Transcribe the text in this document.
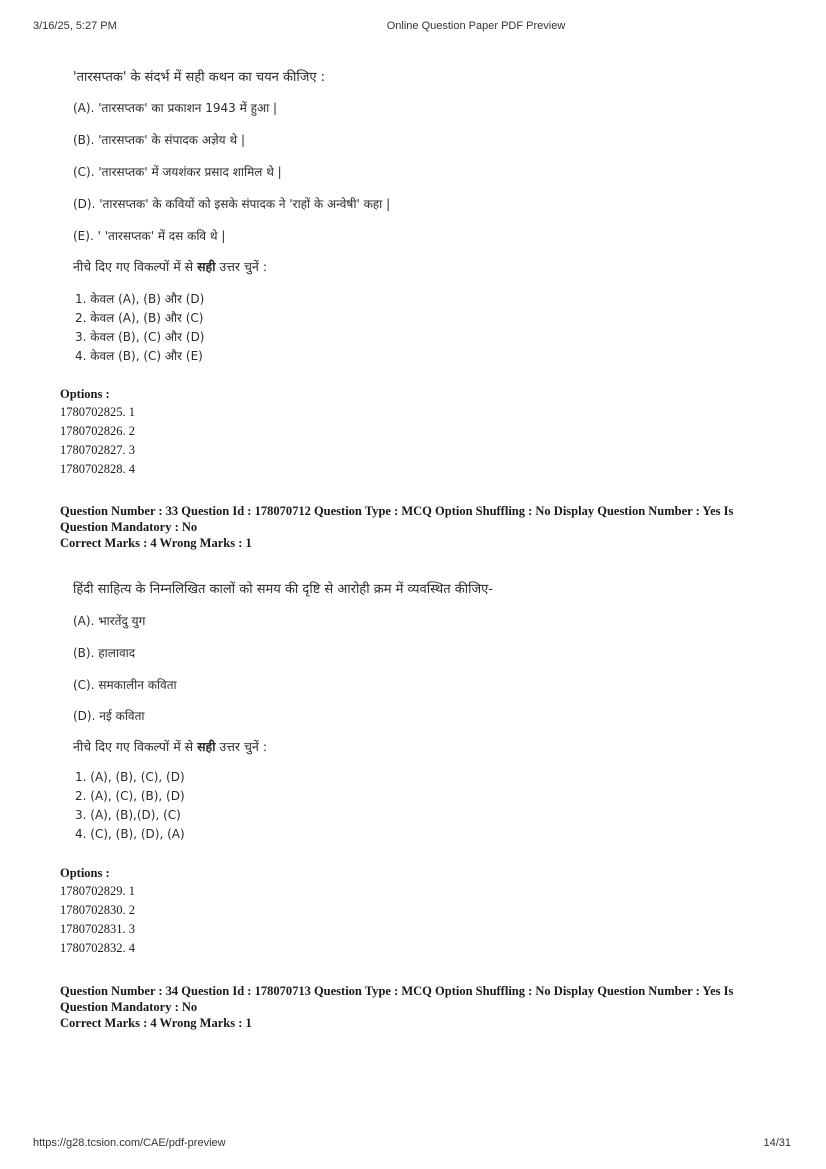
3/16/25, 5:27 PM	Online Question Paper PDF Preview
'तारसप्तक' के संदर्भ में सही कथन का चयन कीजिए :
(A). 'तारसप्तक' का प्रकाशन 1943 में हुआ |
(B). 'तारसप्तक' के संपादक अज्ञेय थे |
(C). 'तारसप्तक' में जयशंकर प्रसाद शामिल थे |
(D). 'तारसप्तक' के कवियों को इसके संपादक ने 'राहों के अन्वेषी' कहा |
(E). ' 'तारसप्तक' में दस कवि थे |
नीचे दिए गए विकल्पों में से सही उत्तर चुनें :
1. केवल (A), (B) और (D)
2. केवल (A), (B) और (C)
3. केवल (B), (C) और (D)
4. केवल (B), (C) और (E)
Options :
1780702825. 1
1780702826. 2
1780702827. 3
1780702828. 4
Question Number : 33 Question Id : 178070712 Question Type : MCQ Option Shuffling : No Display Question Number : Yes Is
Question Mandatory : No
Correct Marks : 4 Wrong Marks : 1
हिंदी साहित्य के निम्नलिखित कालों को समय की दृष्टि से आरोही क्रम में व्यवस्थित कीजिए-
(A). भारतेंदु युग
(B). हालावाद
(C). समकालीन कविता
(D). नई कविता
नीचे दिए गए विकल्पों में से सही उत्तर चुनें :
1. (A), (B), (C), (D)
2. (A), (C), (B), (D)
3. (A), (B),(D), (C)
4. (C), (B), (D), (A)
Options :
1780702829. 1
1780702830. 2
1780702831. 3
1780702832. 4
Question Number : 34 Question Id : 178070713 Question Type : MCQ Option Shuffling : No Display Question Number : Yes Is
Question Mandatory : No
Correct Marks : 4 Wrong Marks : 1
https://g28.tcsion.com/CAE/pdf-preview	14/31
